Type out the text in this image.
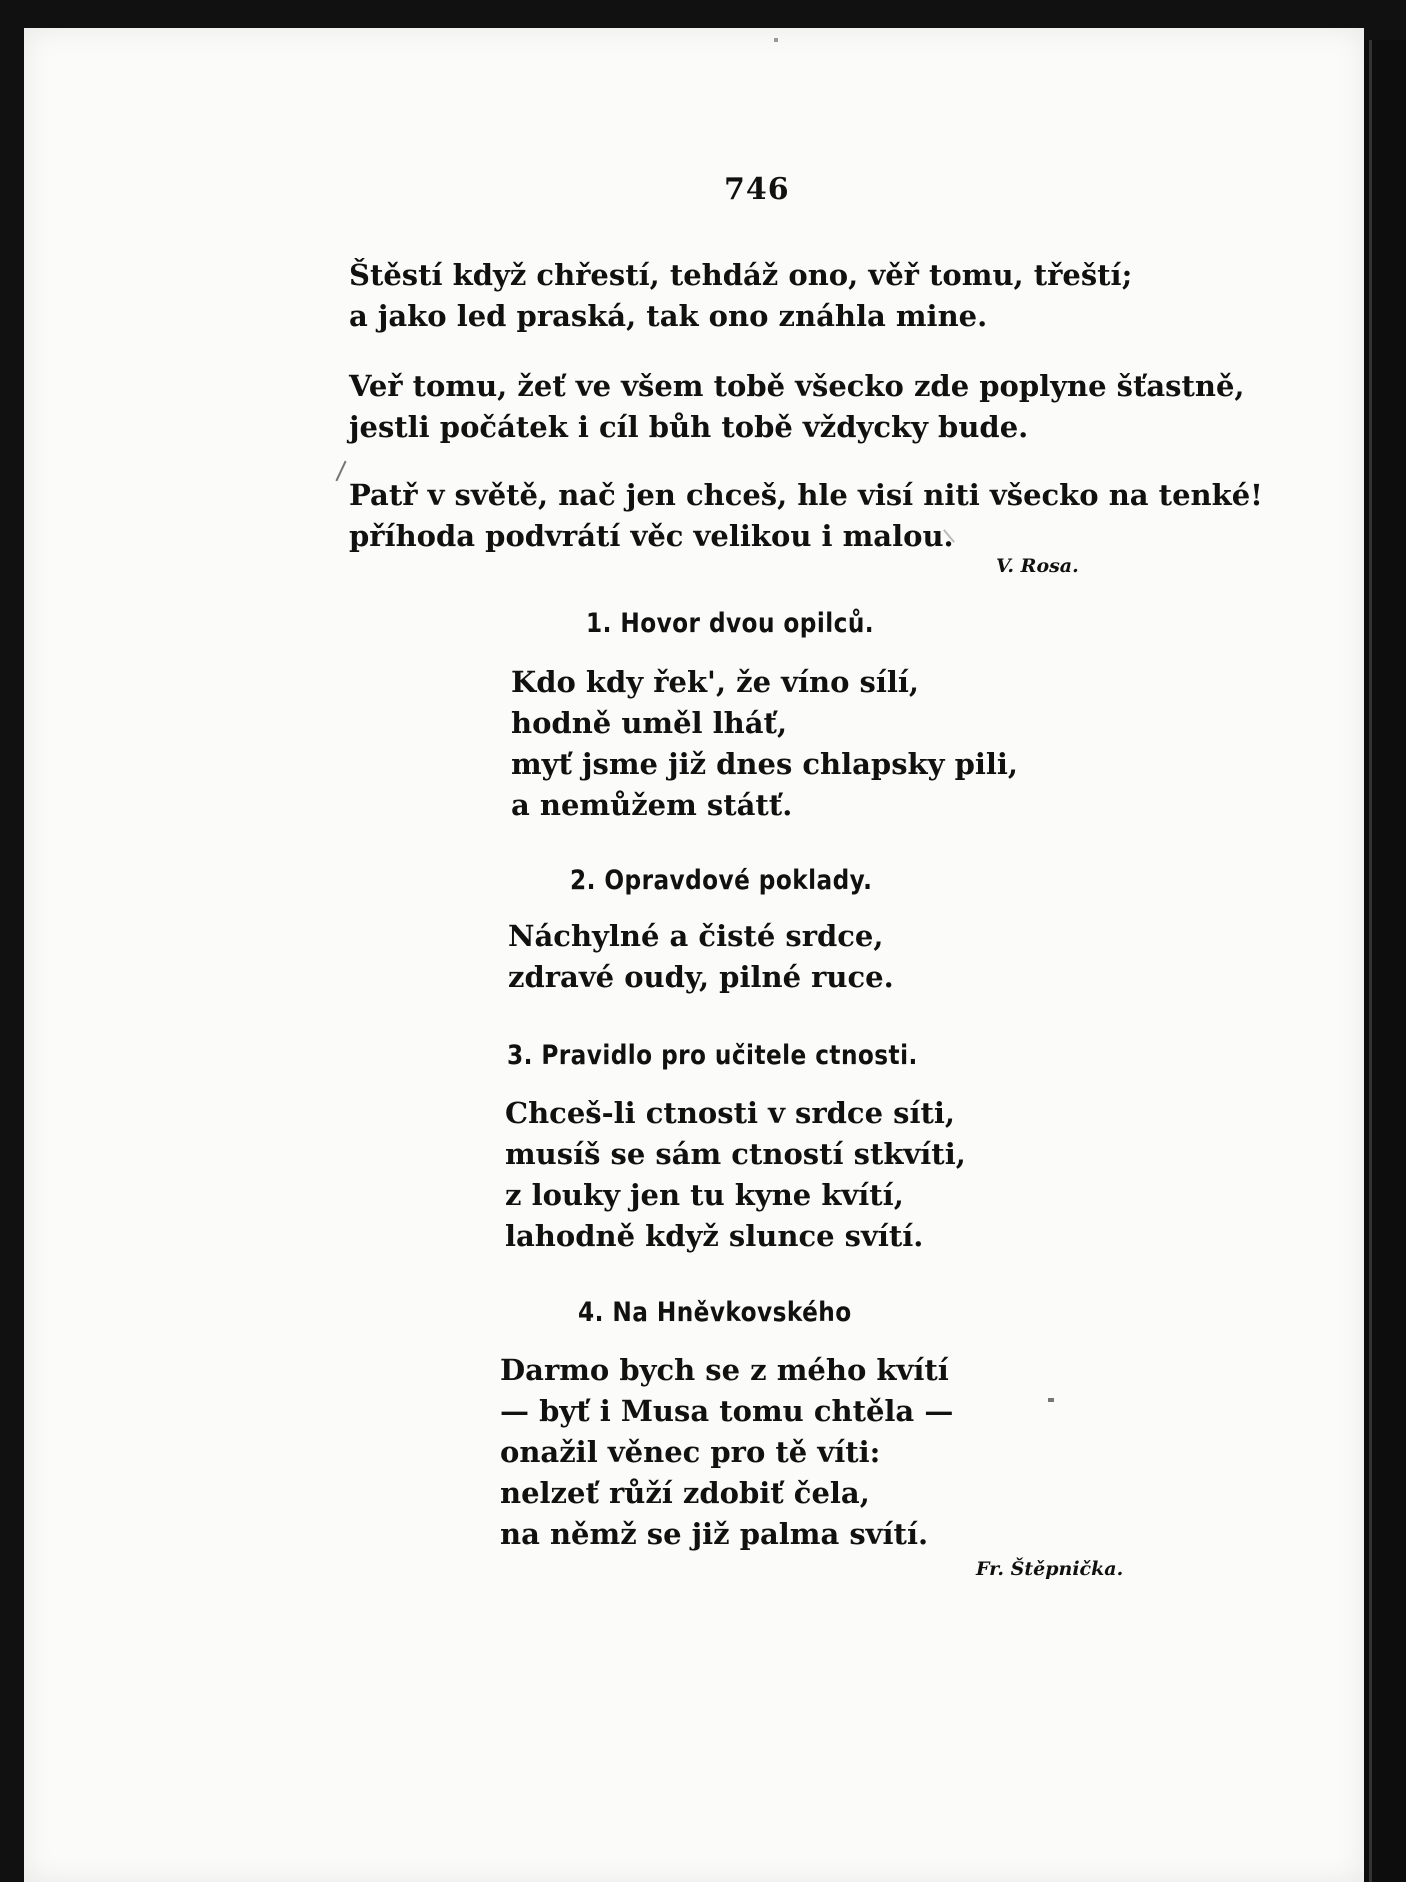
746
Štěstí když chřestí, tehdáž ono, věř tomu, třeští;
a jako led praská, tak ono znáhla mine.
Veř tomu, žeť ve všem tobě všecko zde poplyne šťastně,
jestli počátek i cíl bůh tobě vždycky bude.
Patř v světě, nač jen chceš, hle visí niti všecko na tenké!
příhoda podvrátí věc velikou i malou.
V. Rosa.
1. Hovor dvou opilců.
Kdo kdy řek', že víno sílí,
hodně uměl lháť,
myť jsme již dnes chlapsky pili,
a nemůžem státť.
2. Opravdové poklady.
Náchylné a čisté srdce,
zdravé oudy, pilné ruce.
3. Pravidlo pro učitele ctnosti.
Chceš-li ctnosti v srdce síti,
musíš se sám ctností stkvíti,
z louky jen tu kyne kvítí,
lahodně když slunce svítí.
4. Na Hněvkovského
Darmo bych se z mého kvítí
— byť i Musa tomu chtěla —
onažil věnec pro tě víti:
nelzeť růží zdobiť čela,
na němž se již palma svítí.
Fr. Štěpnička.
